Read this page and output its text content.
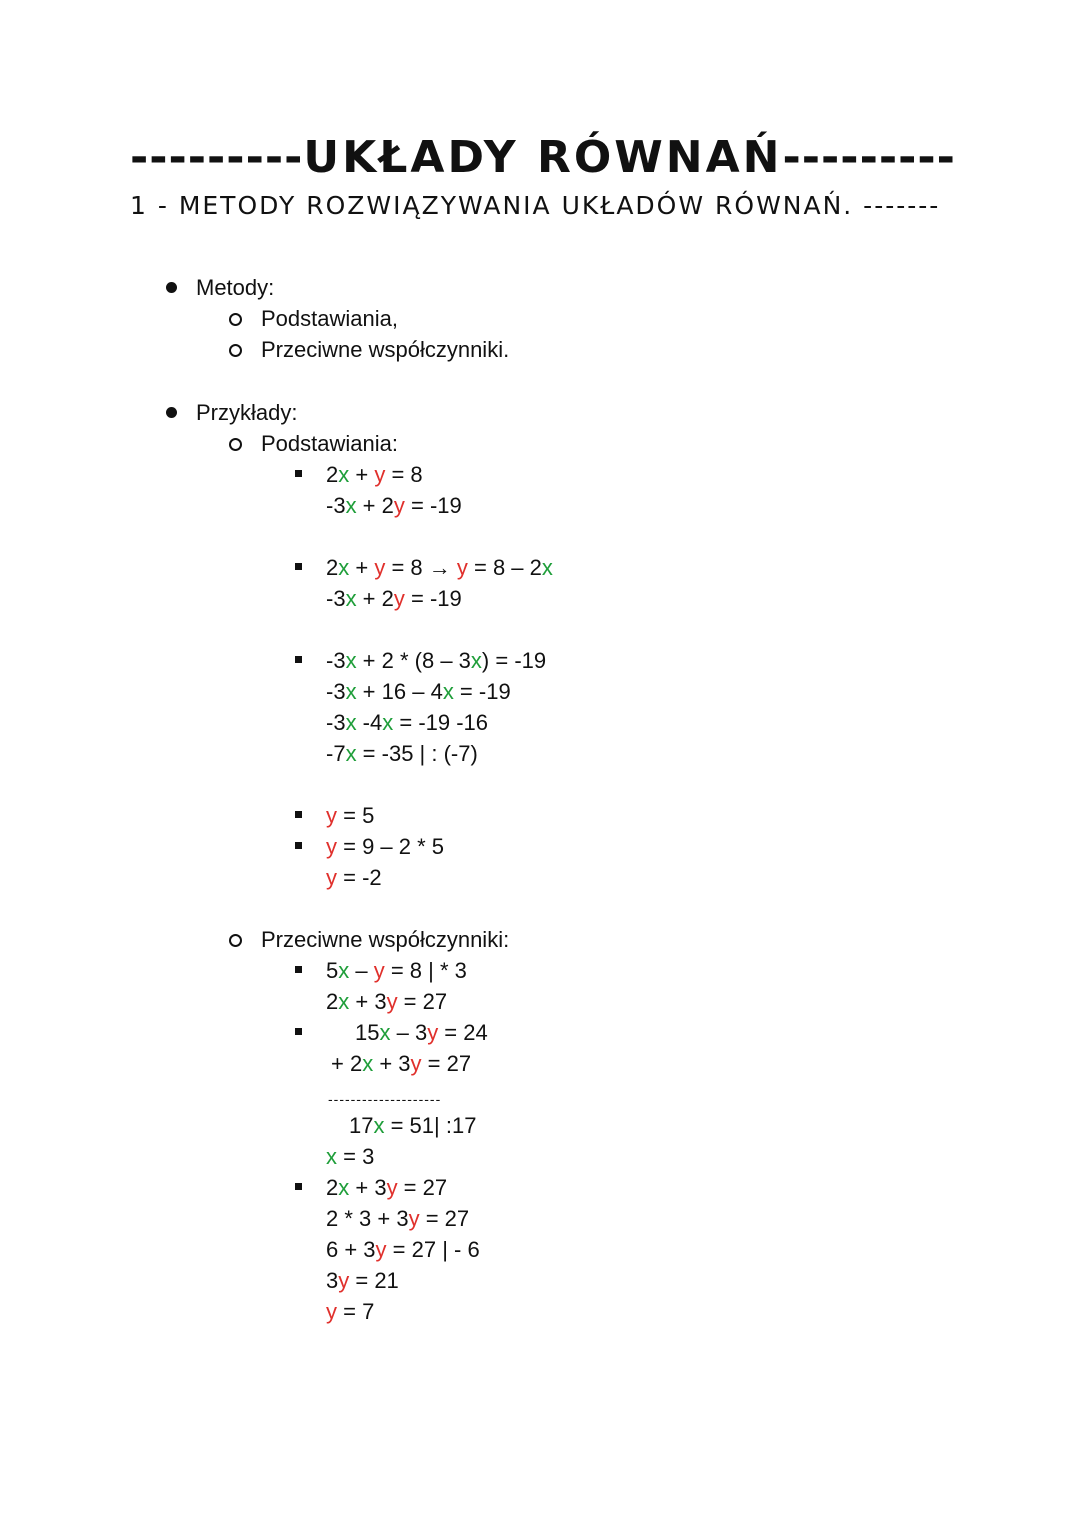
---------UKŁADY RÓWNAŃ---------
1 - METODY ROZWIĄZYWANIA UKŁADÓW RÓWNAŃ. -------
Metody:
Podstawiania,
Przeciwne współczynniki.
Przykłady:
Podstawiania:
2x + y = 8
-3x + 2y = -19
2x + y = 8 → y = 8 – 2x
-3x + 2y = -19
-3x + 2 * (8 – 3x) = -19
-3x + 16 – 4x = -19
-3x -4x = -19 -16
-7x = -35 | : (-7)
y = 5
y = 9 – 2 * 5
y = -2
Przeciwne współczynniki:
5x – y = 8 | * 3
2x + 3y = 27
15x – 3y = 24
+ 2x + 3y = 27
--------------------
17x = 51| :17
x = 3
2x + 3y = 27
2 * 3 + 3y = 27
6 + 3y = 27 | - 6
3y = 21
y = 7
